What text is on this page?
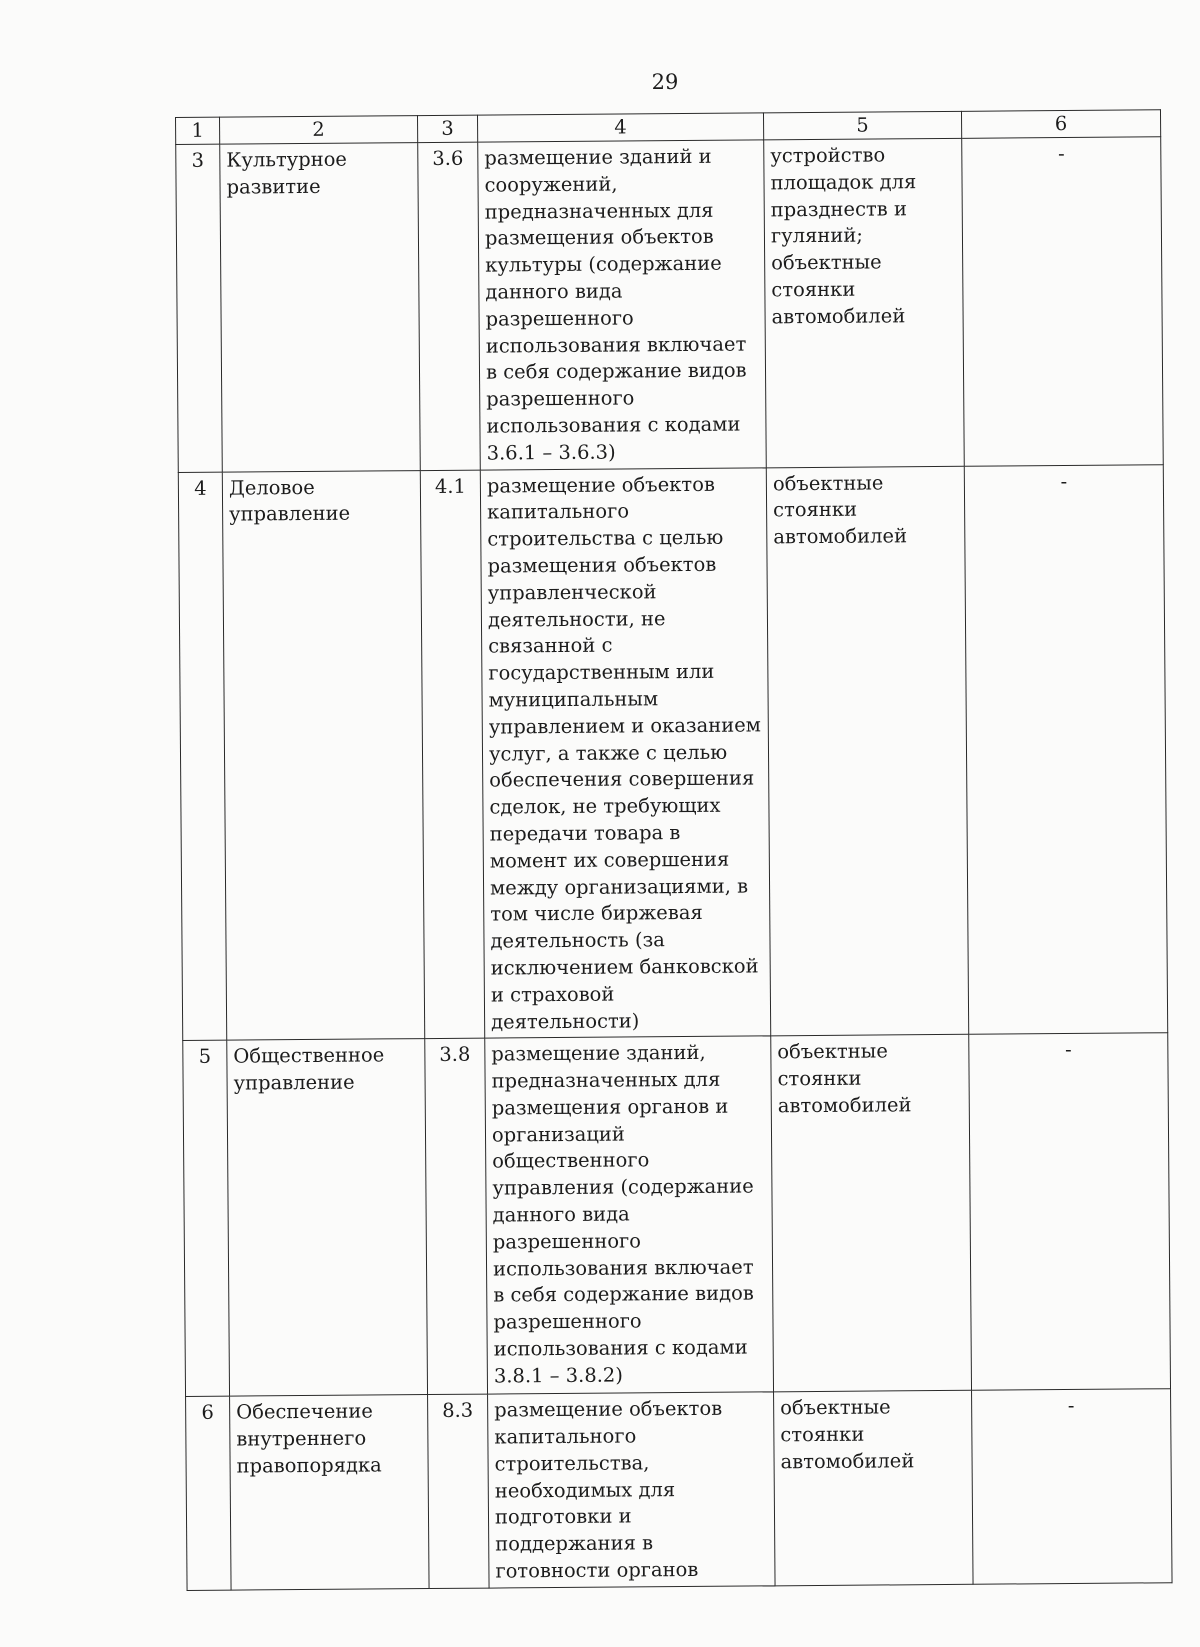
29
1	2	3	4	5	6
3	Культурное развитие	3.6	размещение зданий и сооружений, предназначенных для размещения объектов культуры (содержание данного вида разрешенного использования включает в себя содержание видов разрешенного использования с кодами 3.6.1 – 3.6.3)	устройство площадок для празднеств и гуляний; объектные стоянки автомобилей	-
4	Деловое управление	4.1	размещение объектов капитального строительства с целью размещения объектов управленческой деятельности, не связанной с государственным или муниципальным управлением и оказанием услуг, а также с целью обеспечения совершения сделок, не требующих передачи товара в момент их совершения между организациями, в том числе биржевая деятельность (за исключением банковской и страховой деятельности)	объектные стоянки автомобилей	-
5	Общественное управление	3.8	размещение зданий, предназначенных для размещения органов и организаций общественного управления (содержание данного вида разрешенного использования включает в себя содержание видов разрешенного использования с кодами 3.8.1 – 3.8.2)	объектные стоянки автомобилей	-
6	Обеспечение внутреннего правопорядка	8.3	размещение объектов капитального строительства, необходимых для подготовки и поддержания в готовности органов	объектные стоянки автомобилей	-
